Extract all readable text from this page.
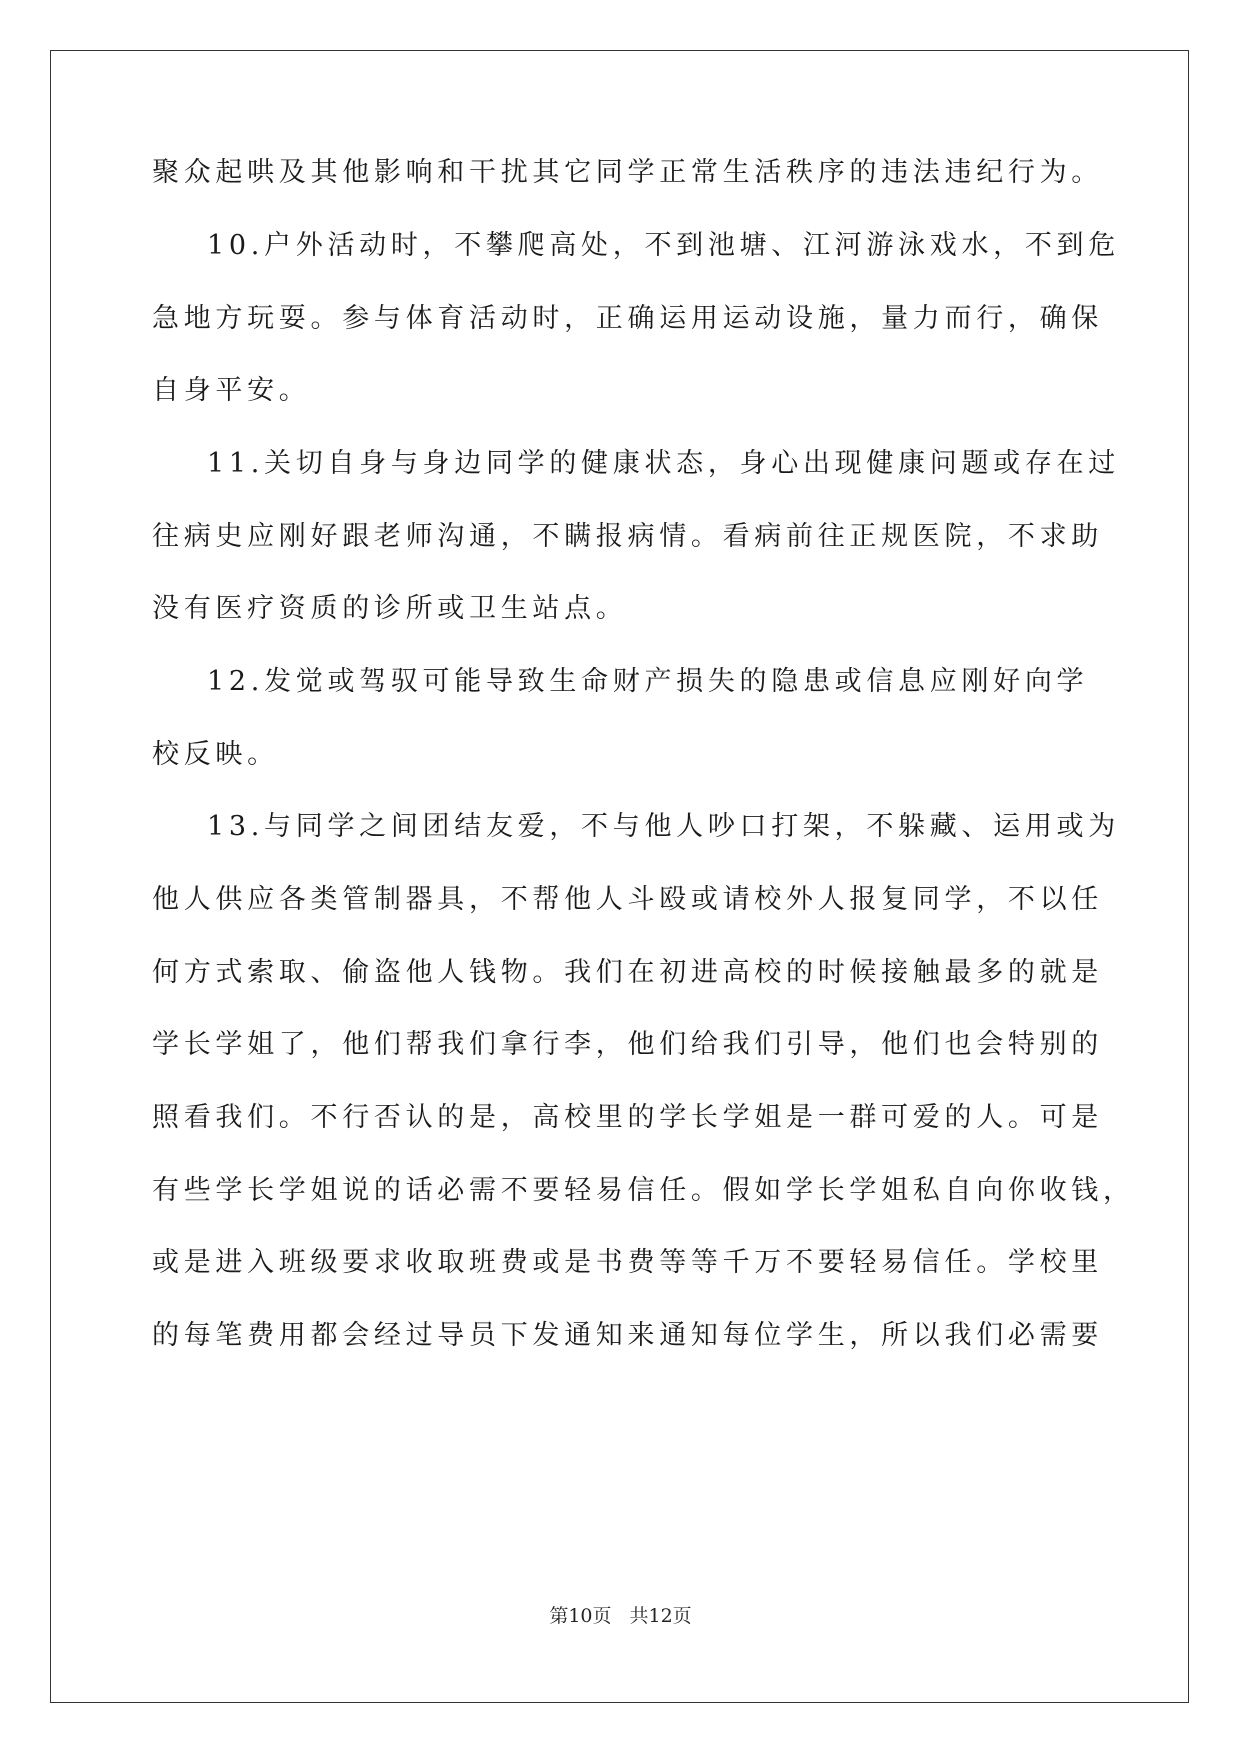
聚众起哄及其他影响和干扰其它同学正常生活秩序的违法违纪行为。
10.户外活动时，不攀爬高处，不到池塘、江河游泳戏水，不到危
急地方玩耍。参与体育活动时，正确运用运动设施，量力而行，确保
自身平安。
11.关切自身与身边同学的健康状态，身心出现健康问题或存在过
往病史应刚好跟老师沟通，不瞒报病情。看病前往正规医院，不求助
没有医疗资质的诊所或卫生站点。
12.发觉或驾驭可能导致生命财产损失的隐患或信息应刚好向学
校反映。
13.与同学之间团结友爱，不与他人吵口打架，不躲藏、运用或为
他人供应各类管制器具，不帮他人斗殴或请校外人报复同学，不以任
何方式索取、偷盗他人钱物。我们在初进高校的时候接触最多的就是
学长学姐了，他们帮我们拿行李，他们给我们引导，他们也会特别的
照看我们。不行否认的是，高校里的学长学姐是一群可爱的人。可是
有些学长学姐说的话必需不要轻易信任。假如学长学姐私自向你收钱，
或是进入班级要求收取班费或是书费等等千万不要轻易信任。学校里
的每笔费用都会经过导员下发通知来通知每位学生，所以我们必需要
第10页 共12页
